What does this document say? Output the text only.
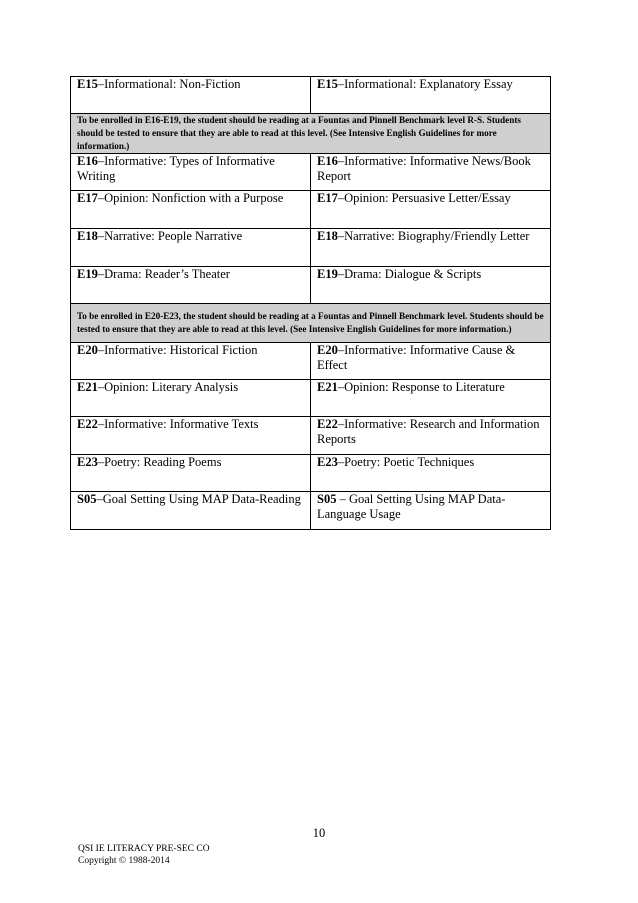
E15–Informational: Non-Fiction	E15–Informational: Explanatory Essay
To be enrolled in E16-E19, the student should be reading at a Fountas and Pinnell Benchmark level R-S. Students should be tested to ensure that they are able to read at this level. (See Intensive English Guidelines for more information.)	
E16–Informative: Types of Informative Writing	E16–Informative: Informative News/Book Report
E17–Opinion: Nonfiction with a Purpose	E17–Opinion: Persuasive Letter/Essay
E18–Narrative: People Narrative	E18–Narrative: Biography/Friendly Letter
E19–Drama: Reader’s Theater	E19–Drama: Dialogue & Scripts
To be enrolled in E20-E23, the student should be reading at a Fountas and Pinnell Benchmark level. Students should be tested to ensure that they are able to read at this level. (See Intensive English Guidelines for more information.)	
E20–Informative: Historical Fiction	E20–Informative: Informative Cause & Effect
E21–Opinion: Literary Analysis	E21–Opinion: Response to Literature
E22–Informative: Informative Texts	E22–Informative: Research and Information Reports
E23–Poetry: Reading Poems	E23–Poetry: Poetic Techniques
S05–Goal Setting Using MAP Data-Reading	S05 – Goal Setting Using MAP Data-Language Usage
10
QSI IE LITERACY PRE-SEC CO
Copyright © 1988-2014
